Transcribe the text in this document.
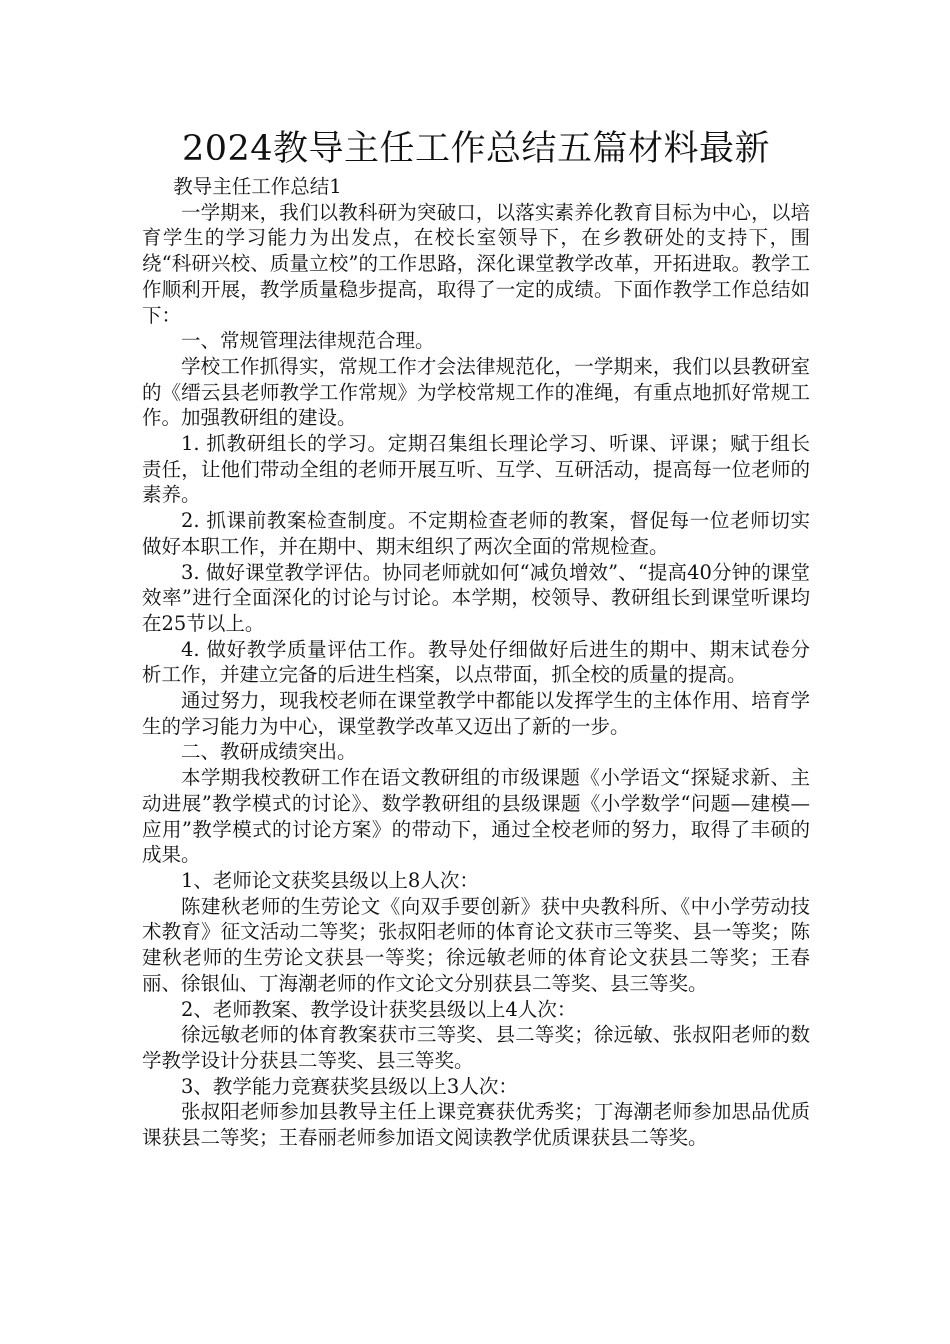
2024教导主任工作总结五篇材料最新

教导主任工作总结1

一学期来，我们以教科研为突破口，以落实素养化教育目标为中心，以培育学生的学习能力为出发点，在校长室领导下，在乡教研处的支持下，围绕“科研兴校、质量立校”的工作思路，深化课堂教学改革，开拓进取。教学工作顺利开展，教学质量稳步提高，取得了一定的成绩。下面作教学工作总结如下：

一、常规管理法律规范合理。

学校工作抓得实，常规工作才会法律规范化，一学期来，我们以县教研室的《缙云县老师教学工作常规》为学校常规工作的准绳，有重点地抓好常规工作。加强教研组的建设。

1. 抓教研组长的学习。定期召集组长理论学习、听课、评课；赋于组长责任，让他们带动全组的老师开展互听、互学、互研活动，提高每一位老师的素养。

2. 抓课前教案检查制度。不定期检查老师的教案，督促每一位老师切实做好本职工作，并在期中、期末组织了两次全面的常规检查。

3. 做好课堂教学评估。协同老师就如何“减负增效”、“提高40分钟的课堂效率”进行全面深化的讨论与讨论。本学期，校领导、教研组长到课堂听课均在25节以上。

4. 做好教学质量评估工作。教导处仔细做好后进生的期中、期末试卷分析工作，并建立完备的后进生档案，以点带面，抓全校的质量的提高。

通过努力，现我校老师在课堂教学中都能以发挥学生的主体作用、培育学生的学习能力为中心，课堂教学改革又迈出了新的一步。

二、教研成绩突出。

本学期我校教研工作在语文教研组的市级课题《小学语文“探疑求新、主动进展”教学模式的讨论》、数学教研组的县级课题《小学数学“问题—建模—应用”教学模式的讨论方案》的带动下，通过全校老师的努力，取得了丰硕的成果。

1、老师论文获奖县级以上8人次：

陈建秋老师的生劳论文《向双手要创新》获中央教科所、《中小学劳动技术教育》征文活动二等奖；张叔阳老师的体育论文获市三等奖、县一等奖；陈建秋老师的生劳论文获县一等奖；徐远敏老师的体育论文获县二等奖；王春丽、徐银仙、丁海潮老师的作文论文分别获县二等奖、县三等奖。

2、老师教案、教学设计获奖县级以上4人次：

徐远敏老师的体育教案获市三等奖、县二等奖；徐远敏、张叔阳老师的数学教学设计分获县二等奖、县三等奖。

3、教学能力竞赛获奖县级以上3人次：

张叔阳老师参加县教导主任上课竞赛获优秀奖；丁海潮老师参加思品优质课获县二等奖；王春丽老师参加语文阅读教学优质课获县二等奖。
